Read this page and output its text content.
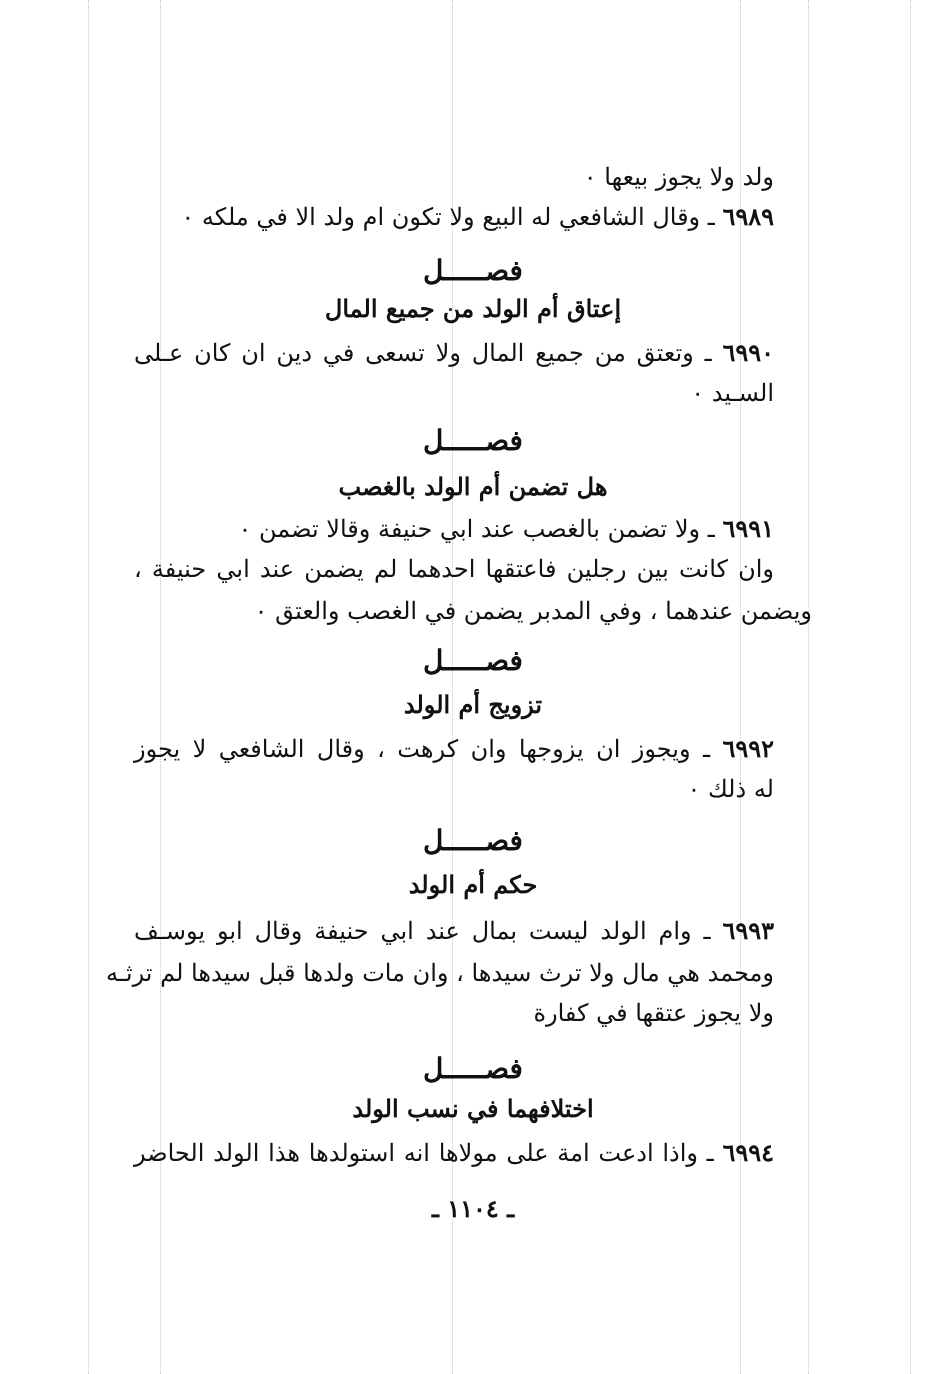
ولد ولا يجوز بيعها ٠
٦٩٨٩ ـ وقال الشافعي له البيع ولا تكون ام ولد الا في ملكه ٠
فصـــــل
إعتاق أم الولد من جميع المال
٦٩٩٠ ـ وتعتق من جميع المال ولا تسعى في دين ان كان عـلى
السـيد ٠
فصـــــل
هل تضمن أم الولد بالغصب
٦٩٩١ ـ ولا تضمن بالغصب عند ابي حنيفة وقالا تضمن ٠
وان كانت بين رجلين فاعتقها احدهما لم يضمن عند ابي حنيفة ،
ويضمن عندهما ، وفي المدبر يضمن في الغصب والعتق ٠
فصـــــل
تزويج أم الولد
٦٩٩٢ ـ ويجوز ان يزوجها وان كرهت ، وقال الشافعي لا يجوز
له ذلك ٠
فصـــــل
حكم أم الولد
٦٩٩٣ ـ وام الولد ليست بمال عند ابي حنيفة وقال ابو يوسـف
ومحمد هي مال ولا ترث سيدها ، وان مات ولدها قبل سيدها لم ترثـه
ولا يجوز عتقها في كفارة
فصـــــل
اختلافهما في نسب الولد
٦٩٩٤ ـ واذا ادعت امة على مولاها انه استولدها هذا الولد الحاضر
ـ ١١٠٤ ـ
